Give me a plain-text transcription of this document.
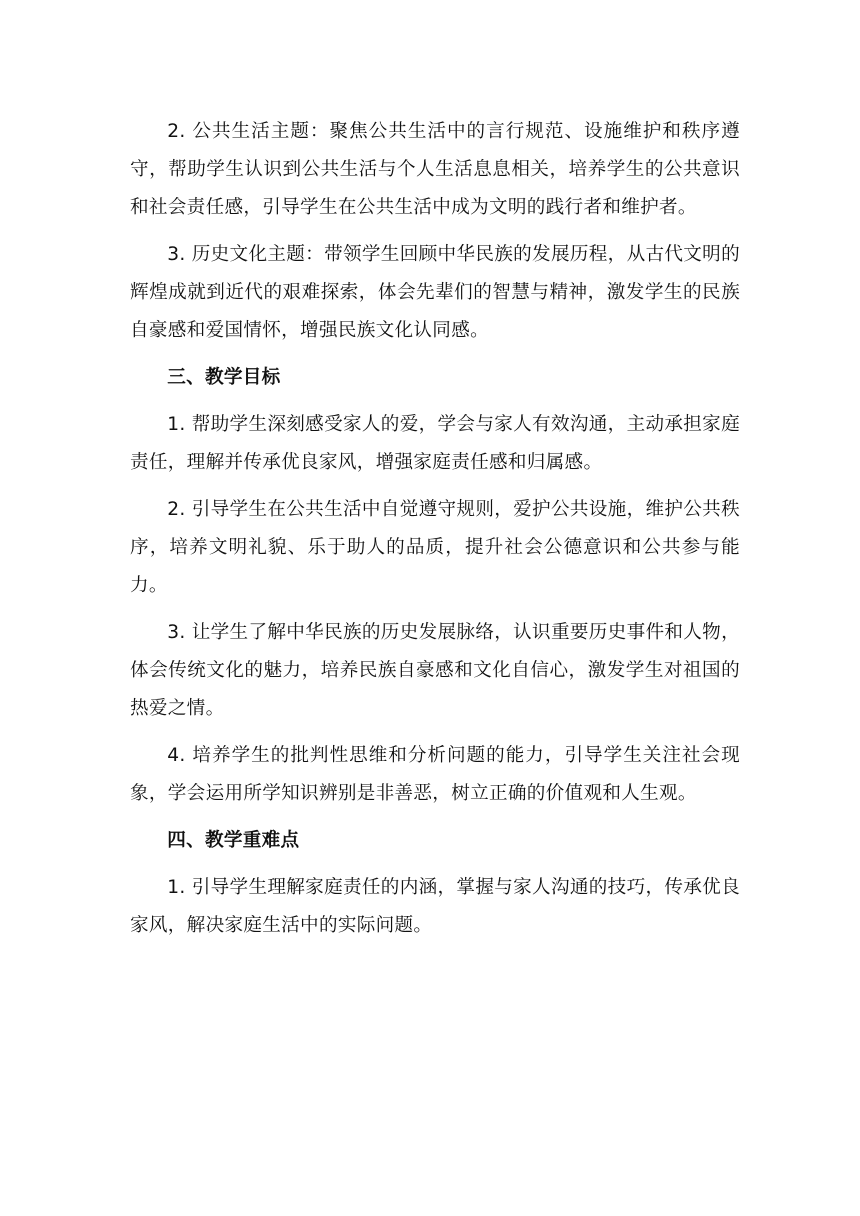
2. 公共生活主题：聚焦公共生活中的言行规范、设施维护和秩序遵守，帮助学生认识到公共生活与个人生活息息相关，培养学生的公共意识和社会责任感，引导学生在公共生活中成为文明的践行者和维护者。

3. 历史文化主题：带领学生回顾中华民族的发展历程，从古代文明的辉煌成就到近代的艰难探索，体会先辈们的智慧与精神，激发学生的民族自豪感和爱国情怀，增强民族文化认同感。

三、教学目标

1. 帮助学生深刻感受家人的爱，学会与家人有效沟通，主动承担家庭责任，理解并传承优良家风，增强家庭责任感和归属感。

2. 引导学生在公共生活中自觉遵守规则，爱护公共设施，维护公共秩序，培养文明礼貌、乐于助人的品质，提升社会公德意识和公共参与能力。

3. 让学生了解中华民族的历史发展脉络，认识重要历史事件和人物，体会传统文化的魅力，培养民族自豪感和文化自信心，激发学生对祖国的热爱之情。

4. 培养学生的批判性思维和分析问题的能力，引导学生关注社会现象，学会运用所学知识辨别是非善恶，树立正确的价值观和人生观。

四、教学重难点

1. 引导学生理解家庭责任的内涵，掌握与家人沟通的技巧，传承优良家风，解决家庭生活中的实际问题。
